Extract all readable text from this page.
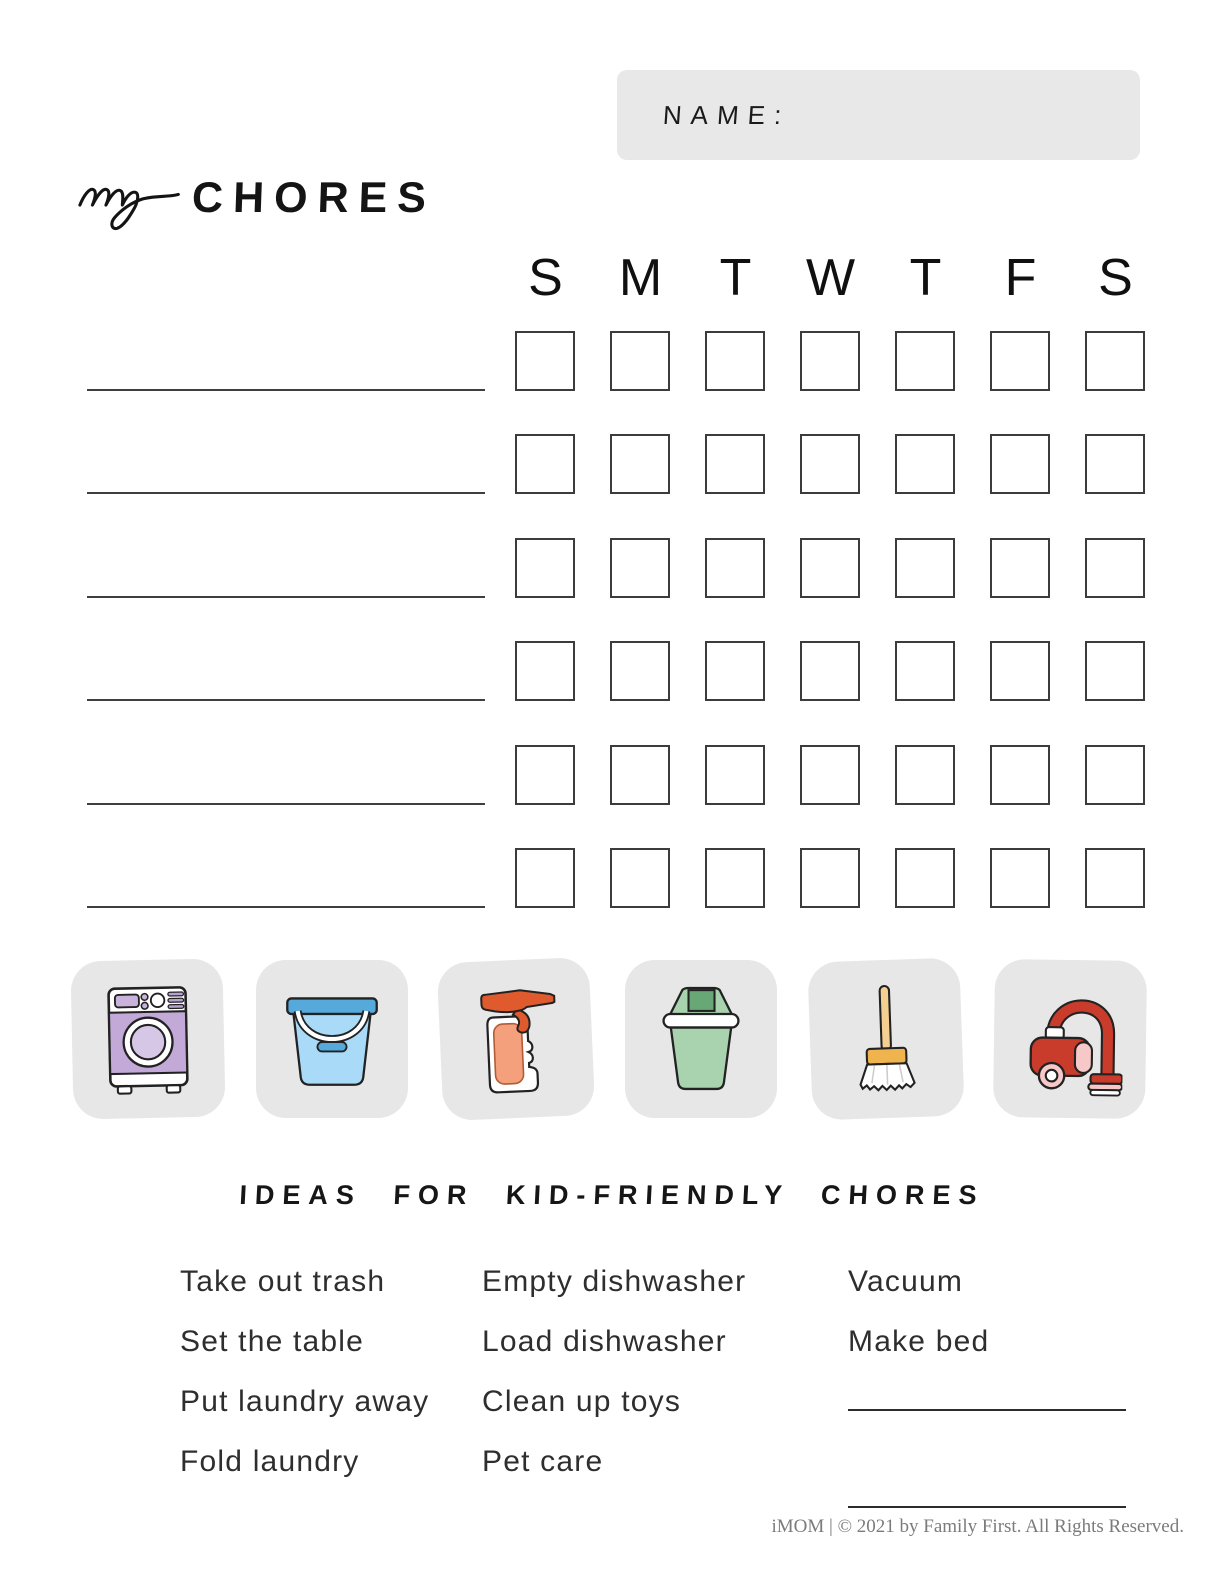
NAME:
CHORES
S	M	T	W	T	F	S
IDEAS FOR KID-FRIENDLY CHORES

Take out trash

Set the table

Put laundry away

Fold laundry

Empty dishwasher

Load dishwasher

Clean up toys

Pet care

Vacuum

Make bed

iMOM | © 2021 by Family First. All Rights Reserved.
